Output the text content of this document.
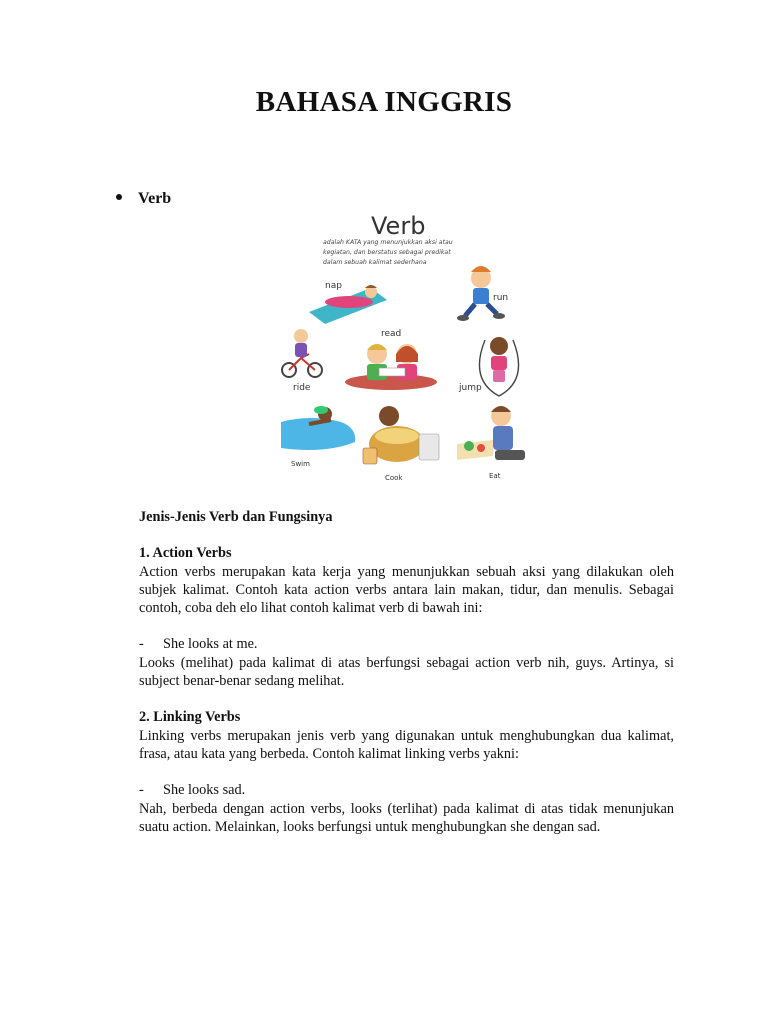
BAHASA INGGRIS
Verb
Verb
adalah KATA yang menunjukkan aksi atau
kegiatan, dan berstatus sebagai predikat
dalam sebuah kalimat sederhana
nap
run
read
ride	jump
Swim
Cook	Eat

Jenis-Jenis Verb dan Fungsinya

1. Action Verbs

Action verbs merupakan kata kerja yang menunjukkan sebuah aksi yang dilakukan oleh subjek kalimat. Contoh kata action verbs antara lain makan, tidur, dan menulis. Sebagai contoh, coba deh elo lihat contoh kalimat verb di bawah ini:

-	She looks at me.

Looks (melihat) pada kalimat di atas berfungsi sebagai action verb nih, guys. Artinya, si subject benar-benar sedang melihat.

2. Linking Verbs

Linking verbs merupakan jenis verb yang digunakan untuk menghubungkan dua kalimat, frasa, atau kata yang berbeda. Contoh kalimat linking verbs yakni:

-	She looks sad.

Nah, berbeda dengan action verbs, looks (terlihat) pada kalimat di atas tidak menunjukan suatu action. Melainkan, looks berfungsi untuk menghubungkan she dengan sad.
